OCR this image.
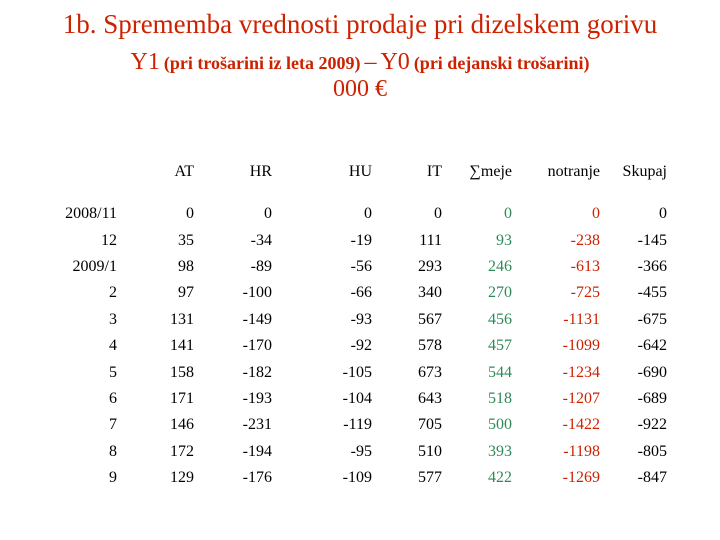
1b. Sprememba vrednosti prodaje pri dizelskem gorivu
Y1 (pri trošarini iz leta 2009) – Y0 (pri dejanski trošarini)
000 €
	AT	HR	HU	IT	∑meje	notranje	Skupaj

2008/11	0	0	0	0	0	0	0
12	35	-34	-19	111	93	-238	-145
2009/1	98	-89	-56	293	246	-613	-366
2	97	-100	-66	340	270	-725	-455
3	131	-149	-93	567	456	-1131	-675
4	141	-170	-92	578	457	-1099	-642
5	158	-182	-105	673	544	-1234	-690
6	171	-193	-104	643	518	-1207	-689
7	146	-231	-119	705	500	-1422	-922
8	172	-194	-95	510	393	-1198	-805
9	129	-176	-109	577	422	-1269	-847
